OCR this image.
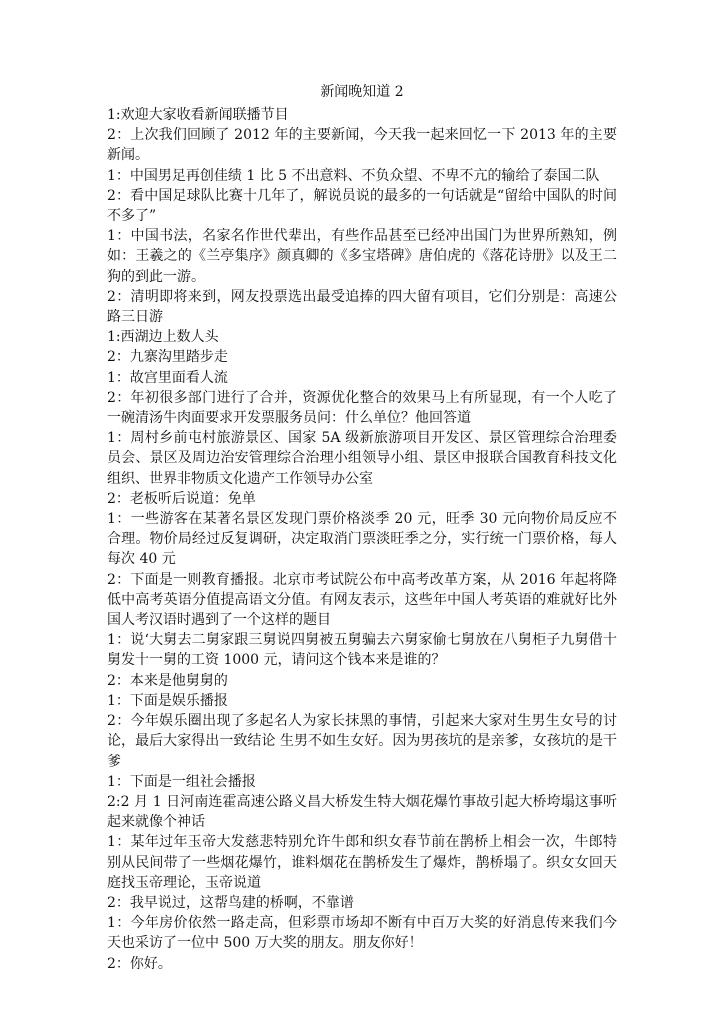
新闻晚知道 2

1:欢迎大家收看新闻联播节目

2：上次我们回顾了 2012 年的主要新闻，今天我一起来回忆一下 2013 年的主要新闻。

1：中国男足再创佳绩 1 比 5 不出意料、不负众望、不卑不亢的输给了泰国二队

2：看中国足球队比赛十几年了，解说员说的最多的一句话就是“留给中国队的时间不多了”

1：中国书法，名家名作世代辈出，有些作品甚至已经冲出国门为世界所熟知，例如：王羲之的《兰亭集序》颜真卿的《多宝塔碑》唐伯虎的《落花诗册》以及王二狗的到此一游。

2：清明即将来到，网友投票选出最受追捧的四大留有项目，它们分别是：高速公路三日游

1:西湖边上数人头

2：九寨沟里踏步走

1：故宫里面看人流

2：年初很多部门进行了合并，资源优化整合的效果马上有所显现，有一个人吃了一碗清汤牛肉面要求开发票服务员问：什么单位？他回答道

1：周村乡前屯村旅游景区、国家 5A 级新旅游项目开发区、景区管理综合治理委员会、景区及周边治安管理综合治理小组领导小组、景区申报联合国教育科技文化组织、世界非物质文化遗产工作领导办公室

2：老板听后说道：免单

1：一些游客在某著名景区发现门票价格淡季 20 元，旺季 30 元向物价局反应不合理。物价局经过反复调研，决定取消门票淡旺季之分，实行统一门票价格，每人每次 40 元

2：下面是一则教育播报。北京市考试院公布中高考改革方案，从 2016 年起将降低中高考英语分值提高语文分值。有网友表示，这些年中国人考英语的难就好比外国人考汉语时遇到了一个这样的题目

1：说‘大舅去二舅家跟三舅说四舅被五舅骗去六舅家偷七舅放在八舅柜子九舅借十舅发十一舅的工资 1000 元，请问这个钱本来是谁的？

2：本来是他舅舅的

1：下面是娱乐播报

2：今年娱乐圈出现了多起名人为家长抹黑的事情，引起来大家对生男生女号的讨论，最后大家得出一致结论 生男不如生女好。因为男孩坑的是亲爹，女孩坑的是干爹

1：下面是一组社会播报

2:2 月 1 日河南连霍高速公路义昌大桥发生特大烟花爆竹事故引起大桥垮塌这事听起来就像个神话

1：某年过年玉帝大发慈悲特别允许牛郎和织女春节前在鹊桥上相会一次，牛郎特别从民间带了一些烟花爆竹，谁料烟花在鹊桥发生了爆炸，鹊桥塌了。织女女回天庭找玉帝理论，玉帝说道

2：我早说过，这帮鸟建的桥啊，不靠谱

1：今年房价依然一路走高，但彩票市场却不断有中百万大奖的好消息传来我们今天也采访了一位中 500 万大奖的朋友。朋友你好！

2：你好。
